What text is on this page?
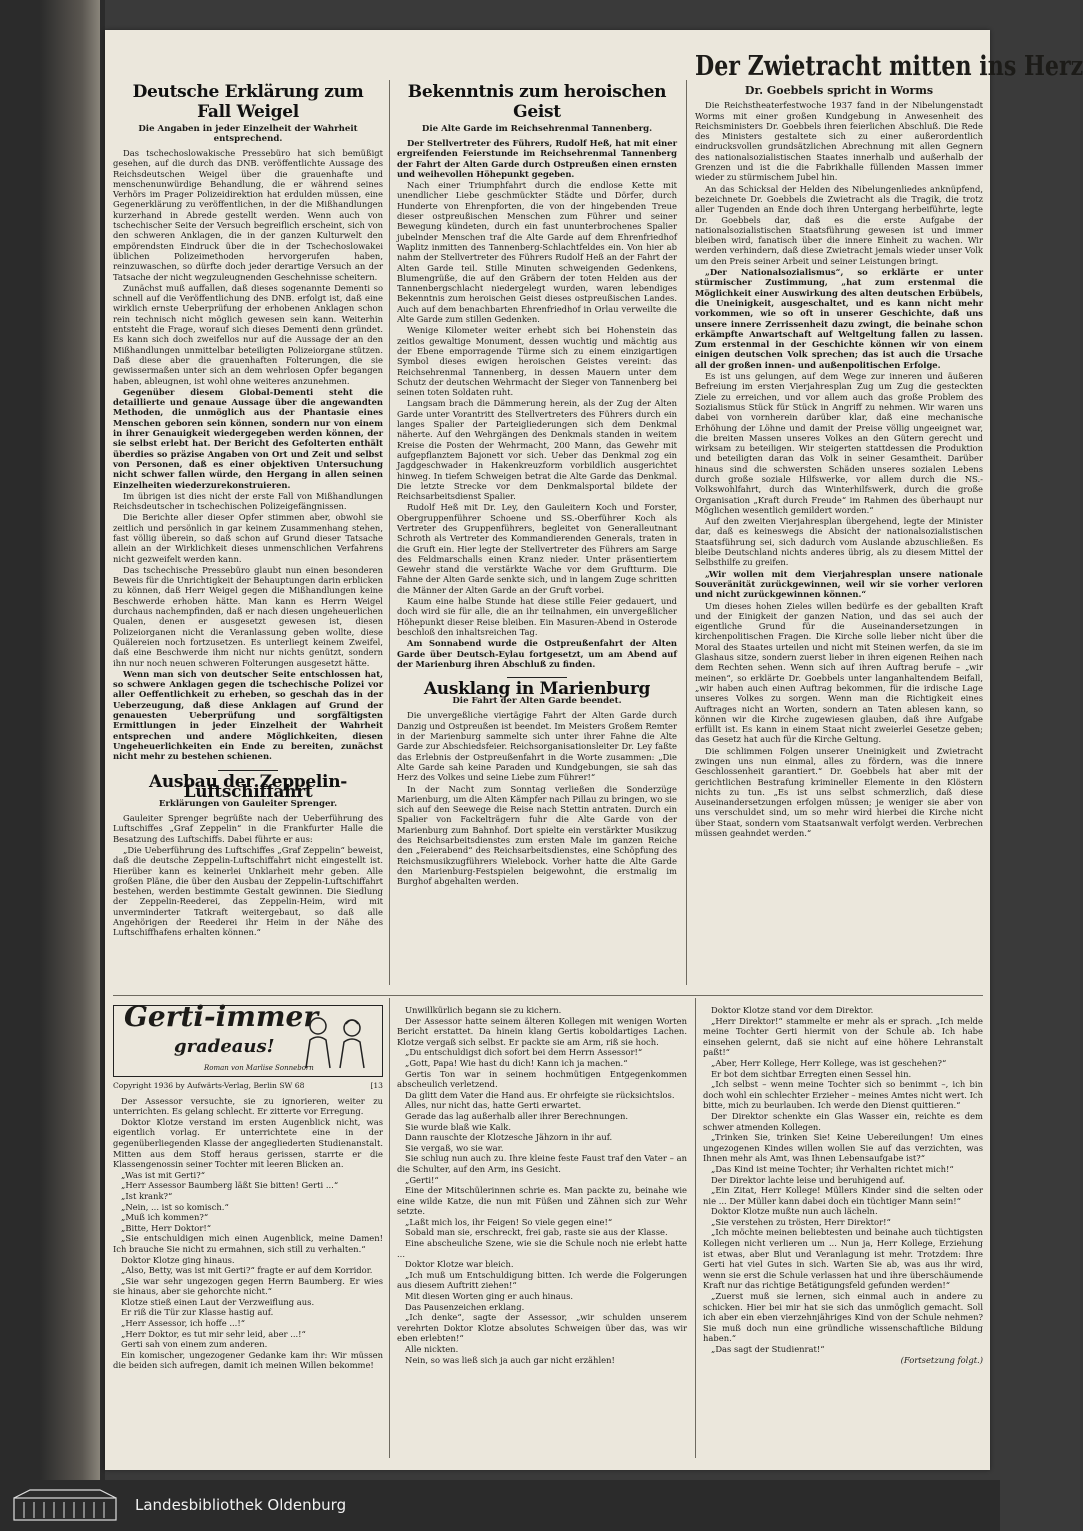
Deutsche Erklärung zum Fall Weigel
Die Angaben in jeder Einzelheit der Wahrheit entsprechend.

Das tschechoslowakische Pressebüro hat sich bemüßigt gesehen, auf die durch das DNB. veröffentlichte Aussage des Reichsdeutschen Weigel über die grauenhafte und menschenunwürdige Behandlung, die er während seines Verhörs im Prager Polizeidirektion hat erdulden müssen, eine Gegenerklärung zu veröffentlichen, in der die Mißhandlungen kurzerhand in Abrede gestellt werden. Wenn auch von tschechischer Seite der Versuch begreiflich erscheint, sich von den schweren Anklagen, die in der ganzen Kulturwelt den empörendsten Eindruck über die in der Tschechoslowakei üblichen Polizeimethoden hervorgerufen haben, reinzuwaschen, so dürfte doch jeder derartige Versuch an der Tatsache der nicht wegzuleugnenden Geschehnisse scheitern.

Zunächst muß auffallen, daß dieses sogenannte Dementi so schnell auf die Veröffentlichung des DNB. erfolgt ist, daß eine wirklich ernste Ueberprüfung der erhobenen Anklagen schon rein technisch nicht möglich gewesen sein kann. Weiterhin entsteht die Frage, worauf sich dieses Dementi denn gründet. Es kann sich doch zweifellos nur auf die Aussage der an den Mißhandlungen unmittelbar beteiligten Polizeiorgane stützen. Daß diese aber die grauenhaften Folterungen, die sie gewissermaßen unter sich an dem wehrlosen Opfer begangen haben, ableugnen, ist wohl ohne weiteres anzunehmen.

Gegenüber diesem Global-Dementi steht die detaillierte und genaue Aussage über die angewandten Methoden, die unmöglich aus der Phantasie eines Menschen geboren sein können, sondern nur von einem in ihrer Genauigkeit wiedergegeben werden können, der sie selbst erlebt hat. Der Bericht des Gefolterten enthält überdies so präzise Angaben von Ort und Zeit und selbst von Personen, daß es einer objektiven Untersuchung nicht schwer fallen würde, den Hergang in allen seinen Einzelheiten wiederzurekonstruieren.

Im übrigen ist dies nicht der erste Fall von Mißhandlungen Reichsdeutscher in tschechischen Polizeigefängnissen.

Die Berichte aller dieser Opfer stimmen aber, obwohl sie zeitlich und persönlich in gar keinem Zusammenhang stehen, fast völlig überein, so daß schon auf Grund dieser Tatsache allein an der Wirklichkeit dieses unmenschlichen Verfahrens nicht gezweifelt werden kann.

Das tschechische Pressebüro glaubt nun einen besonderen Beweis für die Unrichtigkeit der Behauptungen darin erblicken zu können, daß Herr Weigel gegen die Mißhandlungen keine Beschwerde erhoben hätte. Man kann es Herrn Weigel durchaus nachempfinden, daß er nach diesen ungeheuerlichen Qualen, denen er ausgesetzt gewesen ist, diesen Polizeiorganen nicht die Veranlassung geben wollte, diese Quälereien noch fortzusetzen. Es unterliegt keinem Zweifel, daß eine Beschwerde ihm nicht nur nichts genützt, sondern ihn nur noch neuen schweren Folterungen ausgesetzt hätte.

Wenn man sich von deutscher Seite entschlossen hat, so schwere Anklagen gegen die tschechische Polizei vor aller Oeffentlichkeit zu erheben, so geschah das in der Ueberzeugung, daß diese Anklagen auf Grund der genauesten Ueberprüfung und sorgfältigsten Ermittlungen in jeder Einzelheit der Wahrheit entsprechen und andere Möglichkeiten, diesen Ungeheuerlichkeiten ein Ende zu bereiten, zunächst nicht mehr zu bestehen schienen.

Ausbau der Zeppelin-Luftschiffahrt
Erklärungen von Gauleiter Sprenger.

Gauleiter Sprenger begrüßte nach der Ueberführung des Luftschiffes „Graf Zeppelin“ in die Frankfurter Halle die Besatzung des Luftschiffs. Dabei führte er aus:

„Die Ueberführung des Luftschiffes „Graf Zeppelin“ beweist, daß die deutsche Zeppelin-Luftschiffahrt nicht eingestellt ist. Hierüber kann es keinerlei Unklarheit mehr geben. Alle großen Pläne, die über den Ausbau der Zeppelin-Luftschiffahrt bestehen, werden bestimmte Gestalt gewinnen. Die Siedlung der Zeppelin-Reederei, das Zeppelin-Heim, wird mit unverminderter Tatkraft weitergebaut, so daß alle Angehörigen der Reederei ihr Heim in der Nähe des Luftschiffhafens erhalten können.“

Bekenntnis zum heroischen Geist
Die Alte Garde im Reichsehrenmal Tannenberg.

Der Stellvertreter des Führers, Rudolf Heß, hat mit einer ergreifenden Feierstunde im Reichsehrenmal Tannenberg der Fahrt der Alten Garde durch Ostpreußen einen ernsten und weihevollen Höhepunkt gegeben.

Nach einer Triumphfahrt durch die endlose Kette mit unendlicher Liebe geschmückter Städte und Dörfer, durch Hunderte von Ehrenpforten, die von der hingebenden Treue dieser ostpreußischen Menschen zum Führer und seiner Bewegung kündeten, durch ein fast ununterbrochenes Spalier jubelnder Menschen traf die Alte Garde auf dem Ehrenfriedhof Waplitz inmitten des Tannenberg-Schlachtfeldes ein. Von hier ab nahm der Stellvertreter des Führers Rudolf Heß an der Fahrt der Alten Garde teil. Stille Minuten schweigenden Gedenkens, Blumengrüße, die auf den Gräbern der toten Helden aus der Tannenbergschlacht niedergelegt wurden, waren lebendiges Bekenntnis zum heroischen Geist dieses ostpreußischen Landes. Auch auf dem benachbarten Ehrenfriedhof in Orlau verweilte die Alte Garde zum stillen Gedenken.

Wenige Kilometer weiter erhebt sich bei Hohenstein das zeitlos gewaltige Monument, dessen wuchtig und mächtig aus der Ebene emporragende Türme sich zu einem einzigartigen Symbol dieses ewigen heroischen Geistes vereint: das Reichsehrenmal Tannenberg, in dessen Mauern unter dem Schutz der deutschen Wehrmacht der Sieger von Tannenberg bei seinen toten Soldaten ruht.

Langsam brach die Dämmerung herein, als der Zug der Alten Garde unter Vorantritt des Stellvertreters des Führers durch ein langes Spalier der Parteigliederungen sich dem Denkmal näherte. Auf den Wehrgängen des Denkmals standen in weitem Kreise die Posten der Wehrmacht, 200 Mann, das Gewehr mit aufgepflanztem Bajonett vor sich. Ueber das Denkmal zog ein Jagdgeschwader in Hakenkreuzform vorbildlich ausgerichtet hinweg. In tiefem Schweigen betrat die Alte Garde das Denkmal. Die letzte Strecke vor dem Denkmalsportal bildete der Reichsarbeitsdienst Spalier.

Rudolf Heß mit Dr. Ley, den Gauleitern Koch und Forster, Obergruppenführer Schoene und SS.-Oberführer Koch als Vertreter des Gruppenführers, begleitet von Generalleutnant Schroth als Vertreter des Kommandierenden Generals, traten in die Gruft ein. Hier legte der Stellvertreter des Führers am Sarge des Feldmarschalls einen Kranz nieder. Unter präsentiertem Gewehr stand die verstärkte Wache vor dem Gruftturm. Die Fahne der Alten Garde senkte sich, und in langem Zuge schritten die Männer der Alten Garde an der Gruft vorbei.

Kaum eine halbe Stunde hat diese stille Feier gedauert, und doch wird sie für alle, die an ihr teilnahmen, ein unvergeßlicher Höhepunkt dieser Reise bleiben. Ein Masuren-Abend in Osterode beschloß den inhaltsreichen Tag.

Am Sonnabend wurde die Ostpreußenfahrt der Alten Garde über Deutsch-Eylau fortgesetzt, um am Abend auf der Marienburg ihren Abschluß zu finden.

Ausklang in Marienburg
Die Fahrt der Alten Garde beendet.

Die unvergeßliche viertägige Fahrt der Alten Garde durch Danzig und Ostpreußen ist beendet. Im Meisters Großem Remter in der Marienburg sammelte sich unter ihrer Fahne die Alte Garde zur Abschiedsfeier. Reichsorganisationsleiter Dr. Ley faßte das Erlebnis der Ostpreußenfahrt in die Worte zusammen: „Die Alte Garde sah keine Paraden und Kundgebungen, sie sah das Herz des Volkes und seine Liebe zum Führer!“

In der Nacht zum Sonntag verließen die Sonderzüge Marienburg, um die Alten Kämpfer nach Pillau zu bringen, wo sie sich auf den Seewege die Reise nach Stettin antraten. Durch ein Spalier von Fackelträgern fuhr die Alte Garde von der Marienburg zum Bahnhof. Dort spielte ein verstärkter Musikzug des Reichsarbeitsdienstes zum ersten Male im ganzen Reiche den „Feierabend“ des Reichsarbeitsdienstes, eine Schöpfung des Reichsmusikzugführers Wielebock. Vorher hatte die Alte Garde den Marienburg-Festspielen beigewohnt, die erstmalig im Burghof abgehalten werden.

Der Zwietracht mitten ins Herz
Dr. Goebbels spricht in Worms

Die Reichstheaterfestwoche 1937 fand in der Nibelungenstadt Worms mit einer großen Kundgebung in Anwesenheit des Reichsministers Dr. Goebbels ihren feierlichen Abschluß. Die Rede des Ministers gestaltete sich zu einer außerordentlich eindrucksvollen grundsätzlichen Abrechnung mit allen Gegnern des nationalsozialistischen Staates innerhalb und außerhalb der Grenzen und ist die die Fabrikhalle füllenden Massen immer wieder zu stürmischem Jubel hin.

An das Schicksal der Helden des Nibelungenliedes anknüpfend, bezeichnete Dr. Goebbels die Zwietracht als die Tragik, die trotz aller Tugenden an Ende doch ihren Untergang herbeiführte, legte Dr. Goebbels dar, daß es die erste Aufgabe der nationalsozialistischen Staatsführung gewesen ist und immer bleiben wird, fanatisch über die innere Einheit zu wachen. Wir werden verhindern, daß diese Zwietracht jemals wieder unser Volk um den Preis seiner Arbeit und seiner Leistungen bringt.

„Der Nationalsozialismus“, so erklärte er unter stürmischer Zustimmung, „hat zum erstenmal die Möglichkeit einer Auswirkung des alten deutschen Erbübels, die Uneinigkeit, ausgeschaltet, und es kann nicht mehr vorkommen, wie so oft in unserer Geschichte, daß uns unsere innere Zerrissenheit dazu zwingt, die beinahe schon erkämpfte Anwartschaft auf Weltgeltung fallen zu lassen. Zum erstenmal in der Geschichte können wir von einem einigen deutschen Volk sprechen; das ist auch die Ursache all der großen innen- und außenpolitischen Erfolge.

Es ist uns gelungen, auf dem Wege zur inneren und äußeren Befreiung im ersten Vierjahresplan Zug um Zug die gesteckten Ziele zu erreichen, und vor allem auch das große Problem des Sozialismus Stück für Stück in Angriff zu nehmen. Wir waren uns dabei von vornherein darüber klar, daß eine mechanische Erhöhung der Löhne und damit der Preise völlig ungeeignet war, die breiten Massen unseres Volkes an den Gütern gerecht und wirksam zu beteiligen. Wir steigerten stattdessen die Produktion und beteiligten daran das Volk in seiner Gesamtheit. Darüber hinaus sind die schwersten Schäden unseres sozialen Lebens durch große soziale Hilfswerke, vor allem durch die NS.-Volkswohlfahrt, durch das Winterhilfswerk, durch die große Organisation „Kraft durch Freude“ im Rahmen des überhaupt nur Möglichen wesentlich gemildert worden.“

Auf den zweiten Vierjahresplan übergehend, legte der Minister dar, daß es keineswegs die Absicht der nationalsozialistischen Staatsführung sei, sich dadurch vom Auslande abzuschließen. Es bleibe Deutschland nichts anderes übrig, als zu diesem Mittel der Selbsthilfe zu greifen.

„Wir wollen mit dem Vierjahresplan unsere nationale Souveränität zurückgewinnen, weil wir sie vorher verloren und nicht zurückgewinnen können.“

Um dieses hohen Zieles willen bedürfe es der geballten Kraft und der Einigkeit der ganzen Nation, und das sei auch der eigentliche Grund für die Auseinandersetzungen in kirchenpolitischen Fragen. Die Kirche solle lieber nicht über die Moral des Staates urteilen und nicht mit Steinen werfen, da sie im Glashaus sitze, sondern zuerst lieber in ihren eigenen Reihen nach dem Rechten sehen. Wenn sich auf ihren Auftrag berufe – „wir meinen“, so erklärte Dr. Goebbels unter langanhaltendem Beifall, „wir haben auch einen Auftrag bekommen, für die irdische Lage unseres Volkes zu sorgen. Wenn man die Richtigkeit eines Auftrages nicht an Worten, sondern an Taten ablesen kann, so können wir die Kirche zugewiesen glauben, daß ihre Aufgabe erfüllt ist. Es kann in einem Staat nicht zweierlei Gesetze geben; das Gesetz hat auch für die Kirche Geltung.

Die schlimmen Folgen unserer Uneinigkeit und Zwietracht zwingen uns nun einmal, alles zu fördern, was die innere Geschlossenheit garantiert.“ Dr. Goebbels hat aber mit der gerichtlichen Bestrafung krimineller Elemente in den Klöstern nichts zu tun. „Es ist uns selbst schmerzlich, daß diese Auseinandersetzungen erfolgen müssen; je weniger sie aber von uns verschuldet sind, um so mehr wird hierbei die Kirche nicht über Staat, sondern vom Staatsanwalt verfolgt werden. Verbrechen müssen geahndet werden.“

Gerti-immer
gradeaus!
Roman von Marlise Sonneborn
Copyright 1936 by Aufwärts-Verlag, Berlin SW 68	[13

Der Assessor versuchte, sie zu ignorieren, weiter zu unterrichten. Es gelang schlecht. Er zitterte vor Erregung.

Doktor Klotze verstand im ersten Augenblick nicht, was eigentlich vorlag. Er unterrichtete eine in der gegenüberliegenden Klasse der angegliederten Studienanstalt. Mitten aus dem Stoff heraus gerissen, starrte er die Klassengenossin seiner Tochter mit leeren Blicken an.

„Was ist mit Gerti?“

„Herr Assessor Baumberg läßt Sie bitten! Gerti ...“

„Ist krank?“

„Nein, ... ist so komisch.“

„Muß ich kommen?“

„Bitte, Herr Doktor!“

„Sie entschuldigen mich einen Augenblick, meine Damen! Ich brauche Sie nicht zu ermahnen, sich still zu verhalten.“

Doktor Klotze ging hinaus.

„Also, Betty, was ist mit Gerti?“ fragte er auf dem Korridor.

„Sie war sehr ungezogen gegen Herrn Baumberg. Er wies sie hinaus, aber sie gehorchte nicht.“

Klotze stieß einen Laut der Verzweiflung aus.

Er riß die Tür zur Klasse hastig auf.

„Herr Assessor, ich hoffe ...!“

„Herr Doktor, es tut mir sehr leid, aber ...!“

Gerti sah von einem zum anderen.

Ein komischer, ungezogener Gedanke kam ihr: Wir müssen die beiden sich aufregen, damit ich meinen Willen bekomme!

Unwillkürlich begann sie zu kichern.

Der Assessor hatte seinem älteren Kollegen mit wenigen Worten Bericht erstattet. Da hinein klang Gertis koboldartiges Lachen. Klotze vergaß sich selbst. Er packte sie am Arm, riß sie hoch.

„Du entschuldigst dich sofort bei dem Herrn Assessor!“

„Gott, Papa! Wie hast du dich! Kann ich ja machen.“

Gertis Ton war in seinem hochmütigen Entgegenkommen abscheulich verletzend.

Da glitt dem Vater die Hand aus. Er ohrfeigte sie rücksichtslos.

Alles, nur nicht das, hatte Gerti erwartet.

Gerade das lag außerhalb aller ihrer Berechnungen.

Sie wurde blaß wie Kalk.

Dann rauschte der Klotzesche Jähzorn in ihr auf.

Sie vergaß, wo sie war.

Sie schlug nun auch zu. Ihre kleine feste Faust traf den Vater – an die Schulter, auf den Arm, ins Gesicht.

„Gerti!“

Eine der Mitschülerinnen schrie es. Man packte zu, beinahe wie eine wilde Katze, die nun mit Füßen und Zähnen sich zur Wehr setzte.

„Laßt mich los, ihr Feigen! So viele gegen eine!“

Sobald man sie, erschreckt, frei gab, raste sie aus der Klasse.

Eine abscheuliche Szene, wie sie die Schule noch nie erlebt hatte ...

Doktor Klotze war bleich.

„Ich muß um Entschuldigung bitten. Ich werde die Folgerungen aus diesem Auftritt ziehen!“

Mit diesen Worten ging er auch hinaus.

Das Pausenzeichen erklang.

„Ich denke“, sagte der Assessor, „wir schulden unserem verehrten Doktor Klotze absolutes Schweigen über das, was wir eben erlebten!“

Alle nickten.

Nein, so was ließ sich ja auch gar nicht erzählen!

Doktor Klotze stand vor dem Direktor.

„Herr Direktor!“ stammelte er mehr als er sprach. „Ich melde meine Tochter Gerti hiermit von der Schule ab. Ich habe einsehen gelernt, daß sie nicht auf eine höhere Lehranstalt paßt!“

„Aber, Herr Kollege, Herr Kollege, was ist geschehen?“

Er bot dem sichtbar Erregten einen Sessel hin.

„Ich selbst – wenn meine Tochter sich so benimmt –, ich bin doch wohl ein schlechter Erzieher – meines Amtes nicht wert. Ich bitte, mich zu beurlauben. Ich werde den Dienst quittieren.“

Der Direktor schenkte ein Glas Wasser ein, reichte es dem schwer atmenden Kollegen.

„Trinken Sie, trinken Sie! Keine Uebereilungen! Um eines ungezogenen Kindes willen wollen Sie auf das verzichten, was Ihnen mehr als Amt, was Ihnen Lebensaufgabe ist?“

„Das Kind ist meine Tochter; ihr Verhalten richtet mich!“

Der Direktor lachte leise und beruhigend auf.

„Ein Zitat, Herr Kollege! Müllers Kinder sind die selten oder nie ... Der Müller kann dabei doch ein tüchtiger Mann sein!“

Doktor Klotze mußte nun auch lächeln.

„Sie verstehen zu trösten, Herr Direktor!“

„Ich möchte meinen beliebtesten und beinahe auch tüchtigsten Kollegen nicht verlieren um ... Nun ja, Herr Kollege, Erziehung ist etwas, aber Blut und Veranlagung ist mehr. Trotzdem: Ihre Gerti hat viel Gutes in sich. Warten Sie ab, was aus ihr wird, wenn sie erst die Schule verlassen hat und ihre überschäumende Kraft nur das richtige Betätigungsfeld gefunden werden!“

„Zuerst muß sie lernen, sich einmal auch in andere zu schicken. Hier bei mir hat sie sich das unmöglich gemacht. Soll ich aber ein eben vierzehnjähriges Kind von der Schule nehmen? Sie muß doch nun eine gründliche wissenschaftliche Bildung haben.“

„Das sagt der Studienrat!“

(Fortsetzung folgt.)
Landesbibliothek Oldenburg
